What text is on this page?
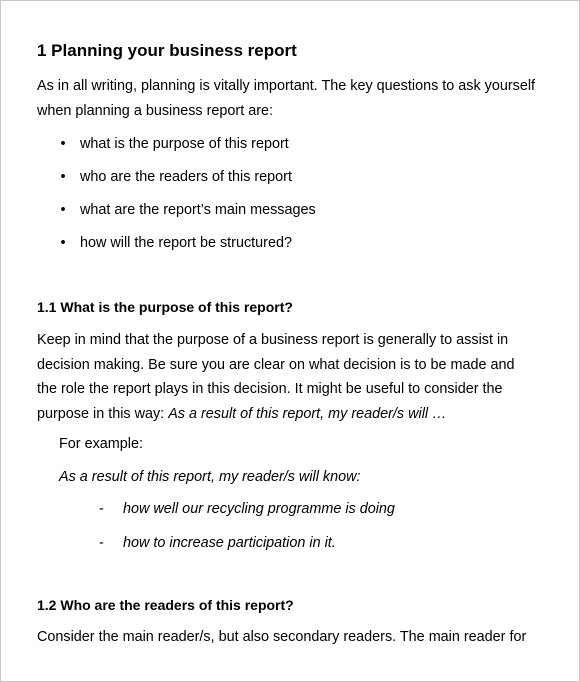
1 Planning your business report

As in all writing, planning is vitally important. The key questions to ask yourself
when planning a business report are:

• what is the purpose of this report
• who are the readers of this report
• what are the report’s main messages
• how will the report be structured?
1.1 What is the purpose of this report?

Keep in mind that the purpose of a business report is generally to assist in
decision making. Be sure you are clear on what decision is to be made and
the role the report plays in this decision. It might be useful to consider the
purpose in this way: As a result of this report, my reader/s will …

For example:

As a result of this report, my reader/s will know:

- how well our recycling programme is doing
- how to increase participation in it.
1.2 Who are the readers of this report?

Consider the main reader/s, but also secondary readers. The main reader for
